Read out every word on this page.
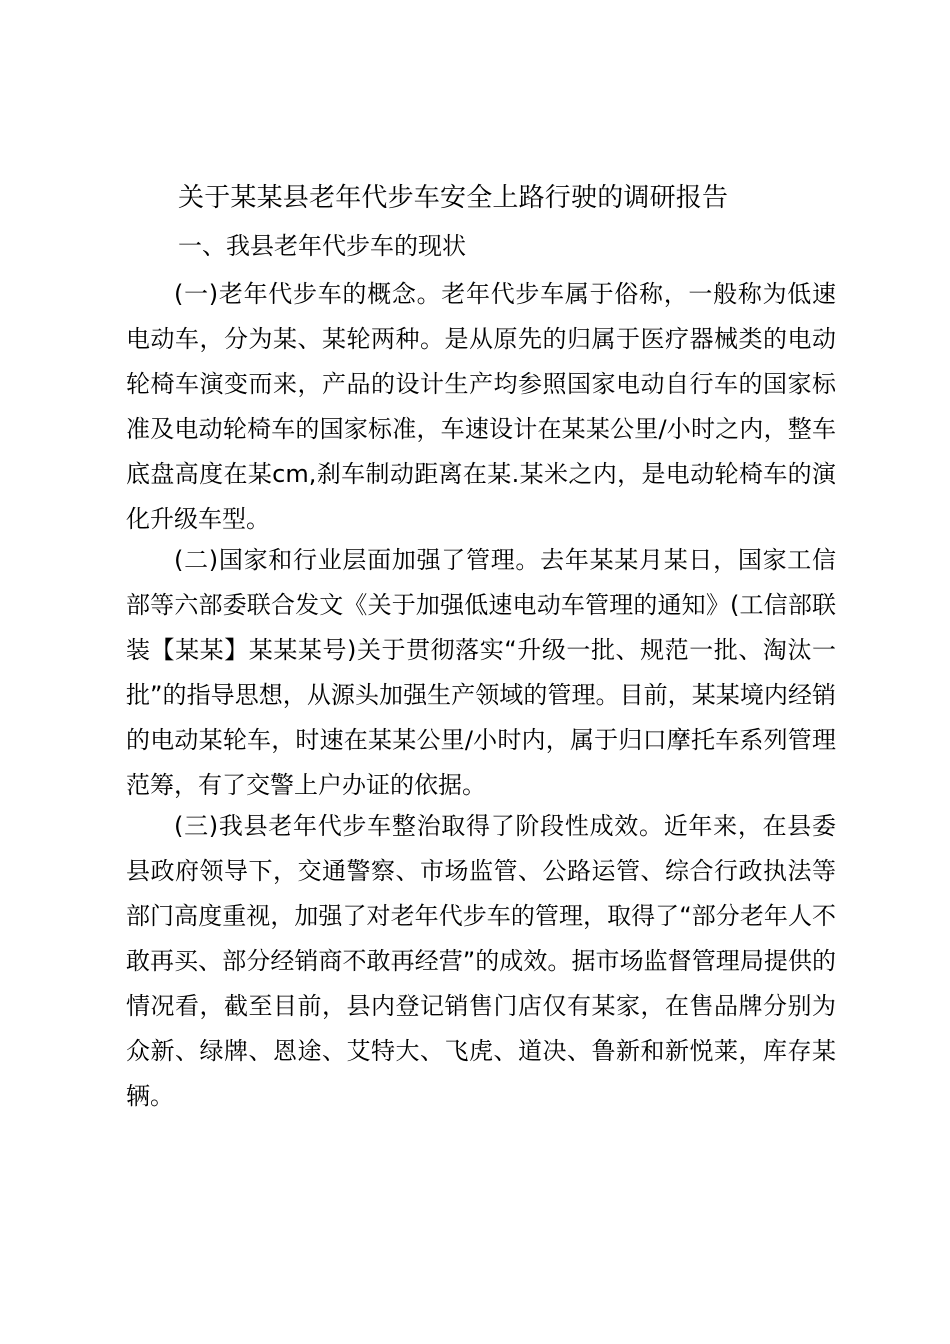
关于某某县老年代步车安全上路行驶的调研报告
一、我县老年代步车的现状

(一)老年代步车的概念。老年代步车属于俗称，一般称为低速电动车，分为某、某轮两种。是从原先的归属于医疗器械类的电动轮椅车演变而来，产品的设计生产均参照国家电动自行车的国家标准及电动轮椅车的国家标准，车速设计在某某公里/小时之内，整车底盘高度在某cm,刹车制动距离在某.某米之内，是电动轮椅车的演化升级车型。

(二)国家和行业层面加强了管理。去年某某月某日，国家工信部等六部委联合发文《关于加强低速电动车管理的通知》(工信部联装【某某】某某某号)关于贯彻落实“升级一批、规范一批、淘汰一批”的指导思想，从源头加强生产领域的管理。目前，某某境内经销的电动某轮车，时速在某某公里/小时内，属于归口摩托车系列管理范筹，有了交警上户办证的依据。

(三)我县老年代步车整治取得了阶段性成效。近年来，在县委县政府领导下，交通警察、市场监管、公路运管、综合行政执法等部门高度重视，加强了对老年代步车的管理，取得了“部分老年人不敢再买、部分经销商不敢再经营”的成效。据市场监督管理局提供的情况看，截至目前，县内登记销售门店仅有某家，在售品牌分别为众新、绿牌、恩途、艾特大、飞虎、道决、鲁新和新悦莱，库存某辆。
